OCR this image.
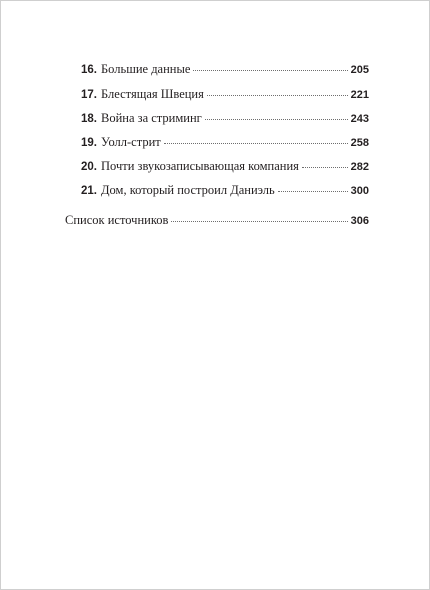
16. Большие данные	205
17. Блестящая Швеция	221
18. Война за стриминг	243
19. Уолл-стрит	258
20. Почти звукозаписывающая компания	282
21. Дом, который построил Даниэль	300
Список источников	306
